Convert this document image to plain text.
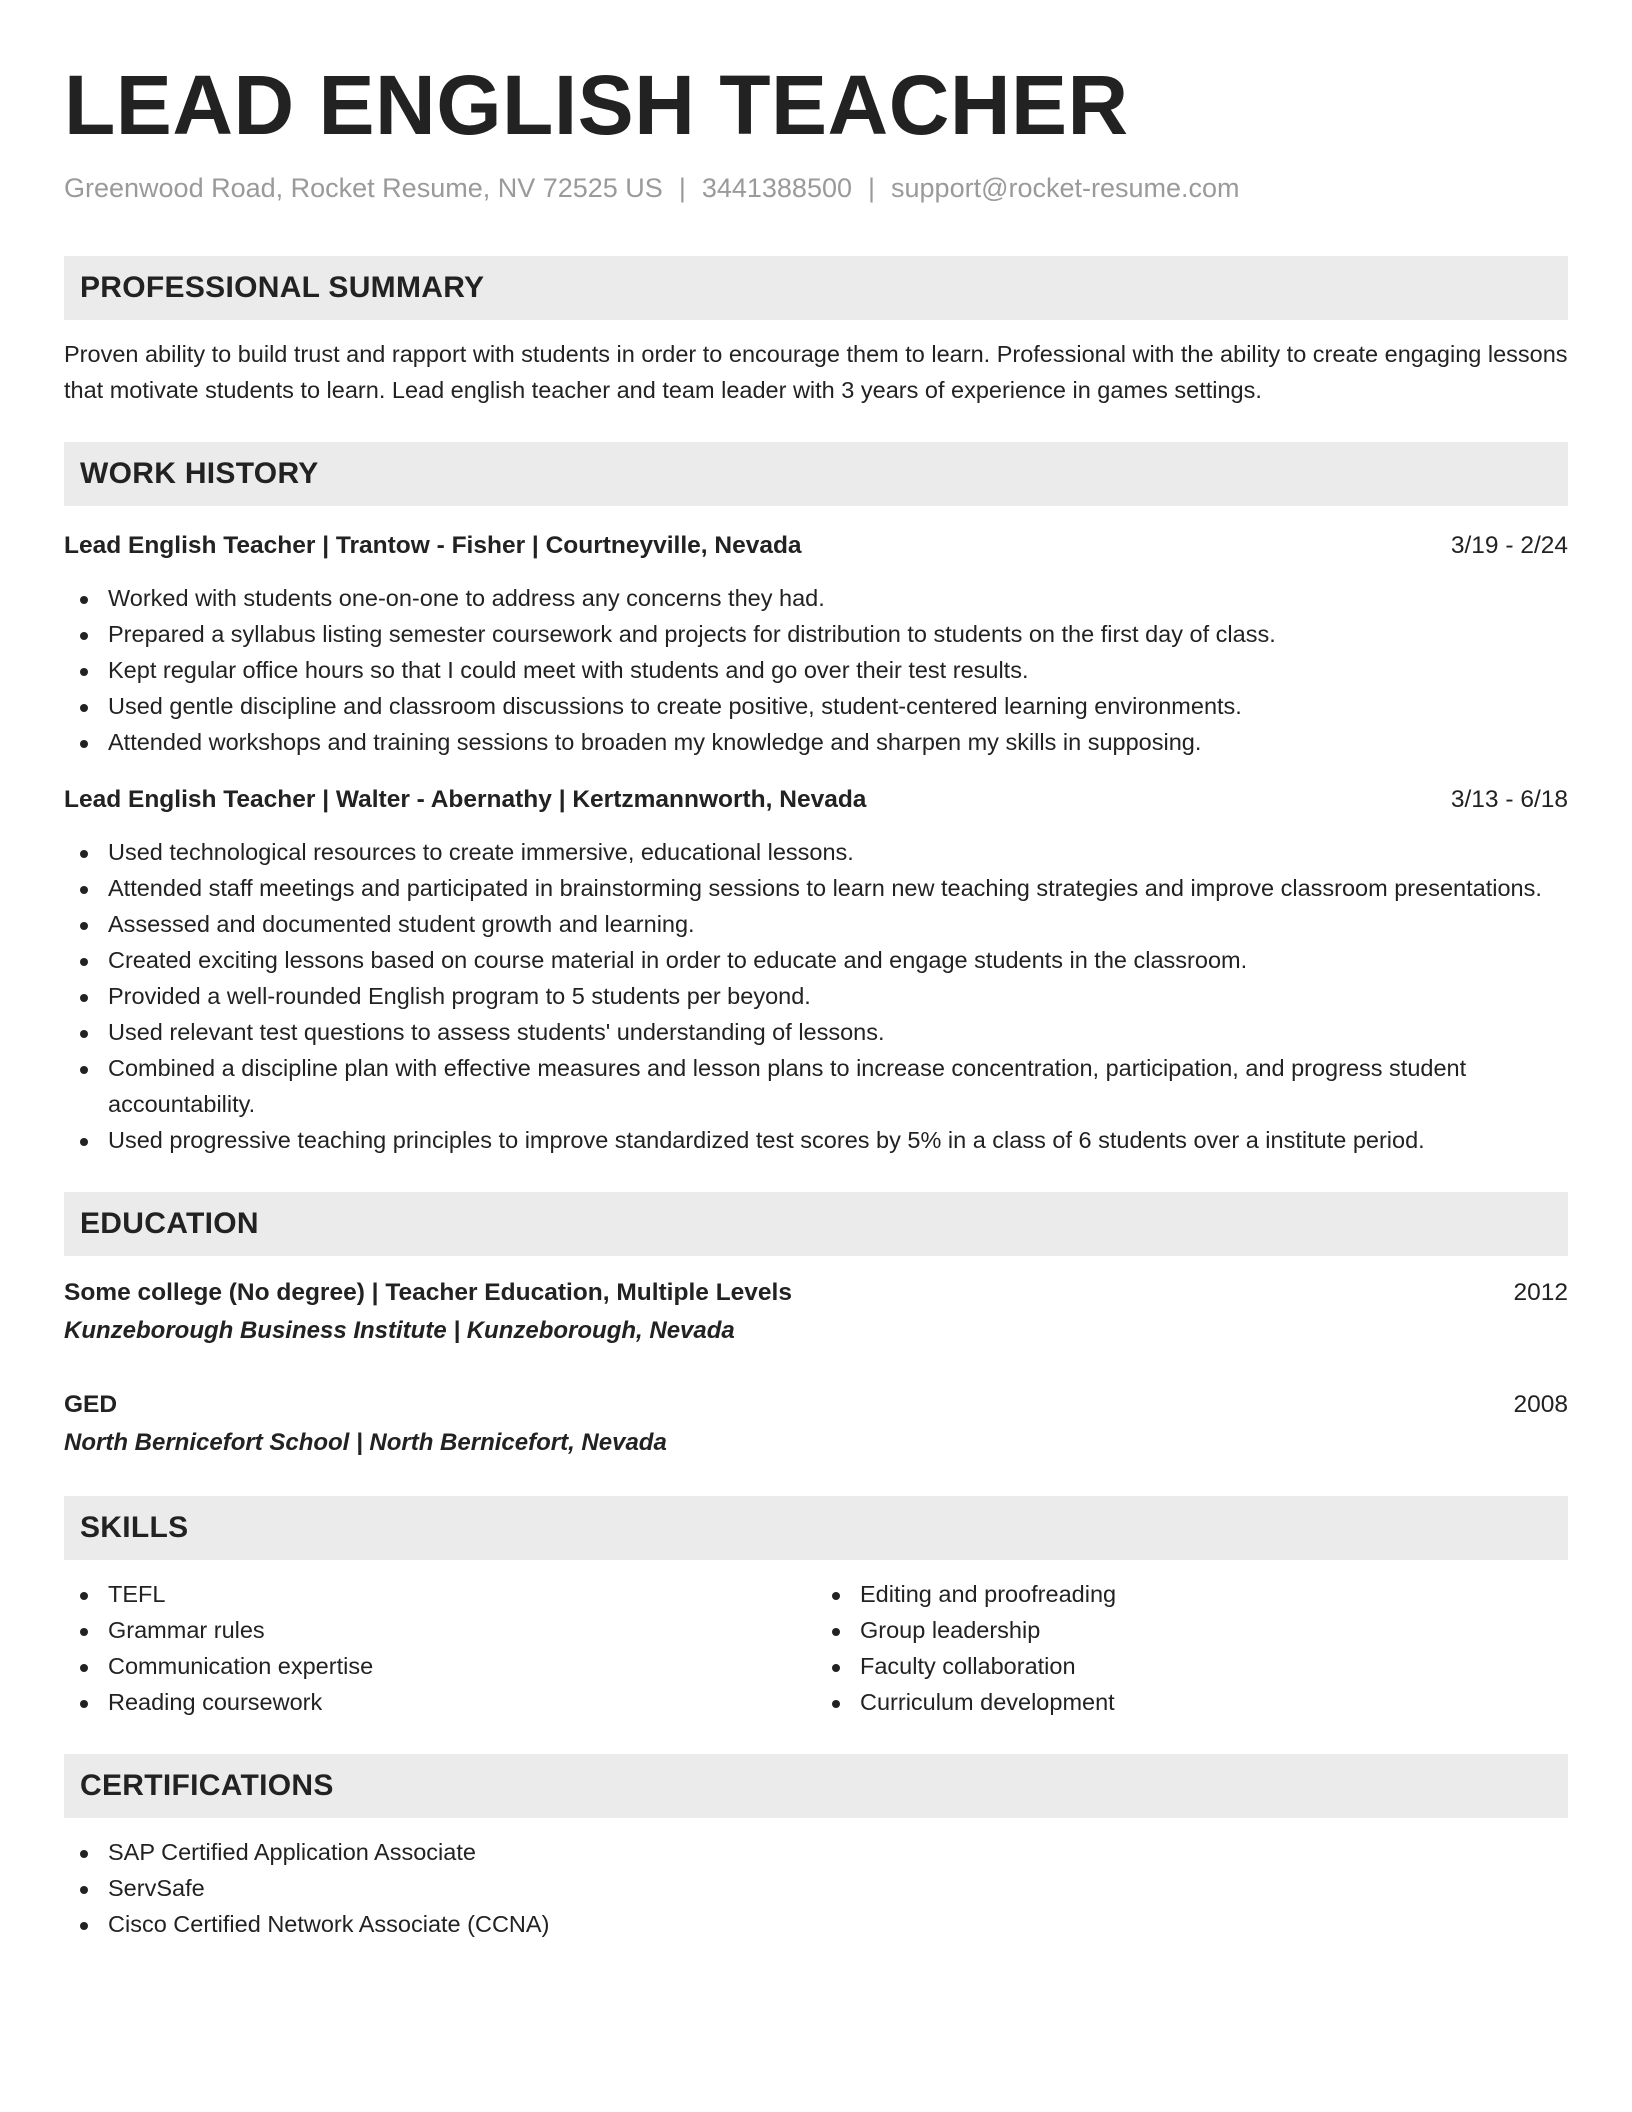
LEAD ENGLISH TEACHER
Greenwood Road, Rocket Resume, NV 72525 US | 3441388500 | support@rocket-resume.com
PROFESSIONAL SUMMARY

Proven ability to build trust and rapport with students in order to encourage them to learn. Professional with the ability to create engaging lessons that motivate students to learn. Lead english teacher and team leader with 3 years of experience in games settings.

WORK HISTORY
Lead English Teacher | Trantow - Fisher | Courtneyville, Nevada	3/19 - 2/24
Worked with students one-on-one to address any concerns they had.
Prepared a syllabus listing semester coursework and projects for distribution to students on the first day of class.
Kept regular office hours so that I could meet with students and go over their test results.
Used gentle discipline and classroom discussions to create positive, student-centered learning environments.
Attended workshops and training sessions to broaden my knowledge and sharpen my skills in supposing.
Lead English Teacher | Walter - Abernathy | Kertzmannworth, Nevada	3/13 - 6/18
Used technological resources to create immersive, educational lessons.
Attended staff meetings and participated in brainstorming sessions to learn new teaching strategies and improve classroom presentations.
Assessed and documented student growth and learning.
Created exciting lessons based on course material in order to educate and engage students in the classroom.
Provided a well-rounded English program to 5 students per beyond.
Used relevant test questions to assess students' understanding of lessons.
Combined a discipline plan with effective measures and lesson plans to increase concentration, participation, and progress student accountability.
Used progressive teaching principles to improve standardized test scores by 5% in a class of 6 students over a institute period.
EDUCATION
Some college (No degree) | Teacher Education, Multiple Levels	2012
Kunzeborough Business Institute | Kunzeborough, Nevada
GED	2008
North Bernicefort School | North Bernicefort, Nevada
SKILLS
TEFL
Grammar rules
Communication expertise
Reading coursework
Editing and proofreading
Group leadership
Faculty collaboration
Curriculum development
CERTIFICATIONS
SAP Certified Application Associate
ServSafe
Cisco Certified Network Associate (CCNA)
